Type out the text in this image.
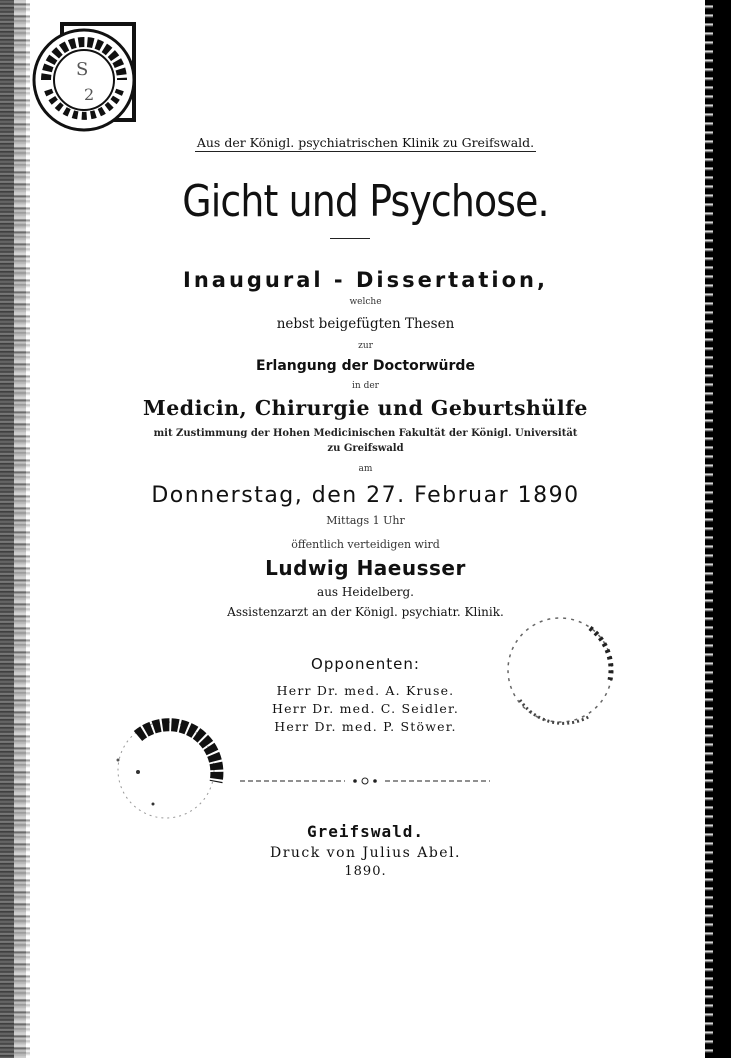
S
2
Aus der Königl. psychiatrischen Klinik zu Greifswald.
Gicht und Psychose.
Inaugural - Dissertation,
welche
nebst beigefügten Thesen
zur
Erlangung der Doctorwürde
in der
Medicin, Chirurgie und Geburtshülfe
mit Zustimmung der Hohen Medicinischen Fakultät der Königl. Universität
zu Greifswald
am
Donnerstag, den 27. Februar 1890
Mittags 1 Uhr
öffentlich verteidigen wird
Ludwig Haeusser
aus Heidelberg.
Assistenzarzt an der Königl. psychiatr. Klinik.
Opponenten:
Herr Dr. med. A. Kruse.
Herr Dr. med. C. Seidler.
Herr Dr. med. P. Stöwer.
Greifswald.
Druck von Julius Abel.
1890.
